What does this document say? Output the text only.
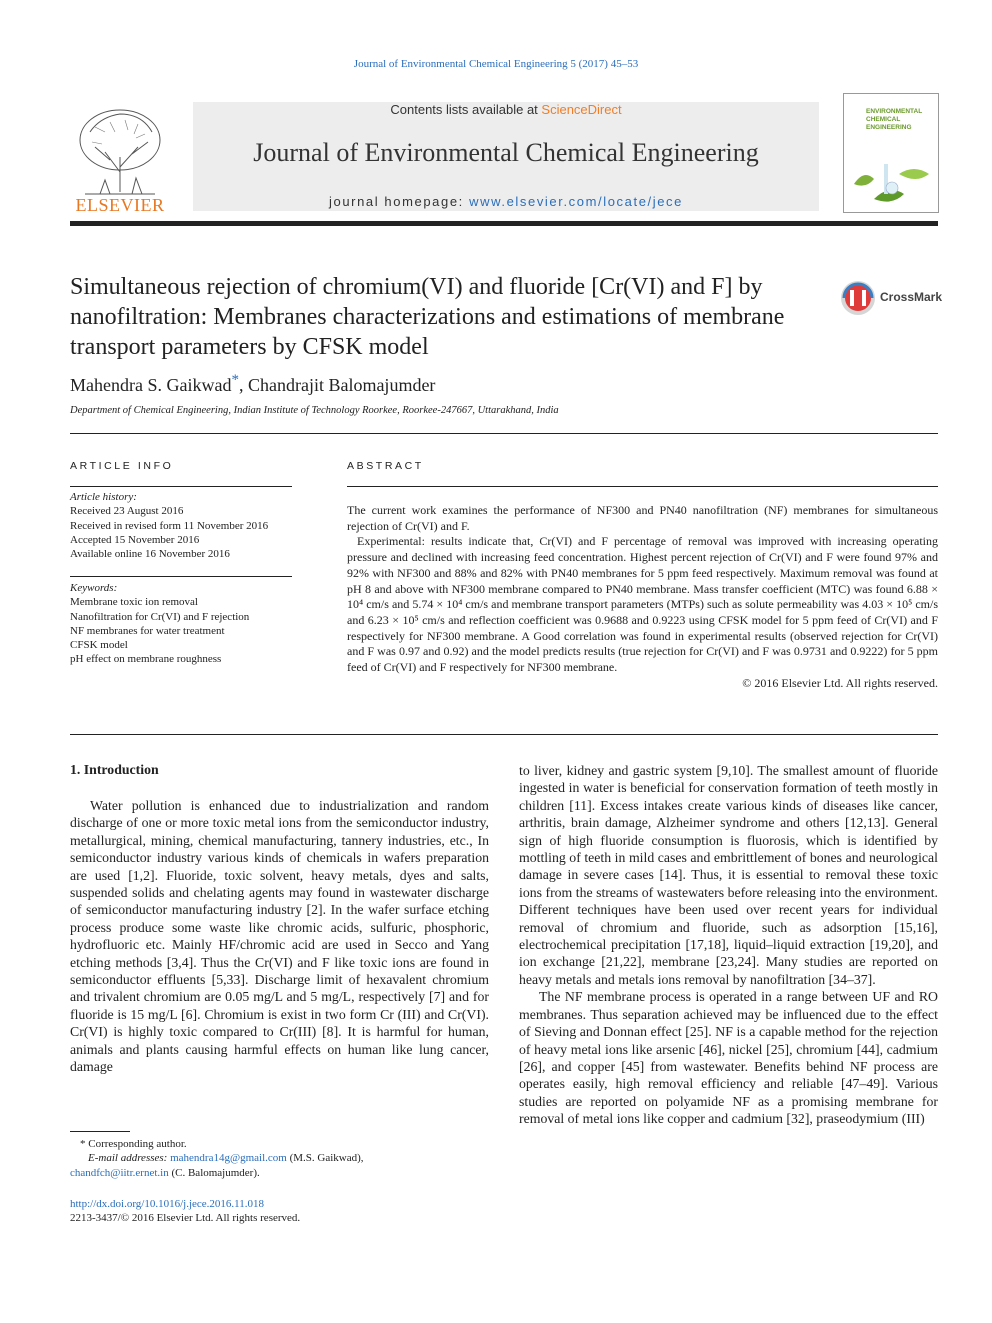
Journal of Environmental Chemical Engineering 5 (2017) 45–53
ELSEVIER
Contents lists available at ScienceDirect
Journal of Environmental Chemical Engineering
journal homepage: www.elsevier.com/locate/jece
ENVIRONMENTAL
CHEMICAL
ENGINEERING
Simultaneous rejection of chromium(VI) and fluoride [Cr(VI) and F] by nanofiltration: Membranes characterizations and estimations of membrane transport parameters by CFSK model
CrossMark
Mahendra S. Gaikwad*, Chandrajit Balomajumder
Department of Chemical Engineering, Indian Institute of Technology Roorkee, Roorkee-247667, Uttarakhand, India
ARTICLE INFO
Article history:
Received 23 August 2016
Received in revised form 11 November 2016
Accepted 15 November 2016
Available online 16 November 2016
Keywords:
Membrane toxic ion removal
Nanofiltration for Cr(VI) and F rejection
NF membranes for water treatment
CFSK model
pH effect on membrane roughness
ABSTRACT

The current work examines the performance of NF300 and PN40 nanofiltration (NF) membranes for simultaneous rejection of Cr(VI) and F.

Experimental: results indicate that, Cr(VI) and F percentage of removal was improved with increasing operating pressure and declined with increasing feed concentration. Highest percent rejection of Cr(VI) and F were found 97% and 92% with NF300 and 88% and 82% with PN40 membranes for 5 ppm feed respectively. Maximum removal was found at pH 8 and above with NF300 membrane compared to PN40 membrane. Mass transfer coefficient (MTC) was found 6.88 × 10⁴ cm/s and 5.74 × 10⁴ cm/s and membrane transport parameters (MTPs) such as solute permeability was 4.03 × 10⁵ cm/s and 6.23 × 10⁵ cm/s and reflection coefficient was 0.9688 and 0.9223 using CFSK model for 5 ppm feed of Cr(VI) and F respectively for NF300 membrane. A Good correlation was found in experimental results (observed rejection for Cr(VI) and F was 0.97 and 0.92) and the model predicts results (true rejection for Cr(VI) and F was 0.9731 and 0.9222) for 5 ppm feed of Cr(VI) and F respectively for NF300 membrane.

© 2016 Elsevier Ltd. All rights reserved.

1. Introduction

Water pollution is enhanced due to industrialization and random discharge of one or more toxic metal ions from the semiconductor industry, metallurgical, mining, chemical manufacturing, tannery industries, etc., In semiconductor industry various kinds of chemicals in wafers preparation are used [1,2]. Fluoride, toxic solvent, heavy metals, dyes and salts, suspended solids and chelating agents may found in wastewater discharge of semiconductor manufacturing industry [2]. In the wafer surface etching process produce some waste like chromic acids, sulfuric, phosphoric, hydrofluoric etc. Mainly HF/chromic acid are used in Secco and Yang etching methods [3,4]. Thus the Cr(VI) and F like toxic ions are found in semiconductor effluents [5,33]. Discharge limit of hexavalent chromium and trivalent chromium are 0.05 mg/L and 5 mg/L, respectively [7] and for fluoride is 15 mg/L [6]. Chromium is exist in two form Cr (III) and Cr(VI). Cr(VI) is highly toxic compared to Cr(III) [8]. It is harmful for human, animals and plants causing harmful effects on human like lung cancer, damage

to liver, kidney and gastric system [9,10]. The smallest amount of fluoride ingested in water is beneficial for conservation formation of teeth mostly in children [11]. Excess intakes create various kinds of diseases like cancer, arthritis, brain damage, Alzheimer syndrome and others [12,13]. General sign of high fluoride consumption is fluorosis, which is identified by mottling of teeth in mild cases and embrittlement of bones and neurological damage in severe cases [14]. Thus, it is essential to removal these toxic ions from the streams of wastewaters before releasing into the environment. Different techniques have been used over recent years for individual removal of chromium and fluoride, such as adsorption [15,16], electrochemical precipitation [17,18], liquid–liquid extraction [19,20], and ion exchange [21,22], membrane [23,24]. Many studies are reported on heavy metals and metals ions removal by nanofiltration [34–37].

The NF membrane process is operated in a range between UF and RO membranes. Thus separation achieved may be influenced due to the effect of Sieving and Donnan effect [25]. NF is a capable method for the rejection of heavy metal ions like arsenic [46], nickel [25], chromium [44], cadmium [26], and copper [45] from wastewater. Benefits behind NF process are operates easily, high removal efficiency and reliable [47–49]. Various studies are reported on polyamide NF as a promising membrane for removal of metal ions like copper and cadmium [32], praseodymium (III)

* Corresponding author.
E-mail addresses: mahendra14g@gmail.com (M.S. Gaikwad),
chandfch@iitr.ernet.in (C. Balomajumder).
http://dx.doi.org/10.1016/j.jece.2016.11.018
2213-3437/© 2016 Elsevier Ltd. All rights reserved.
